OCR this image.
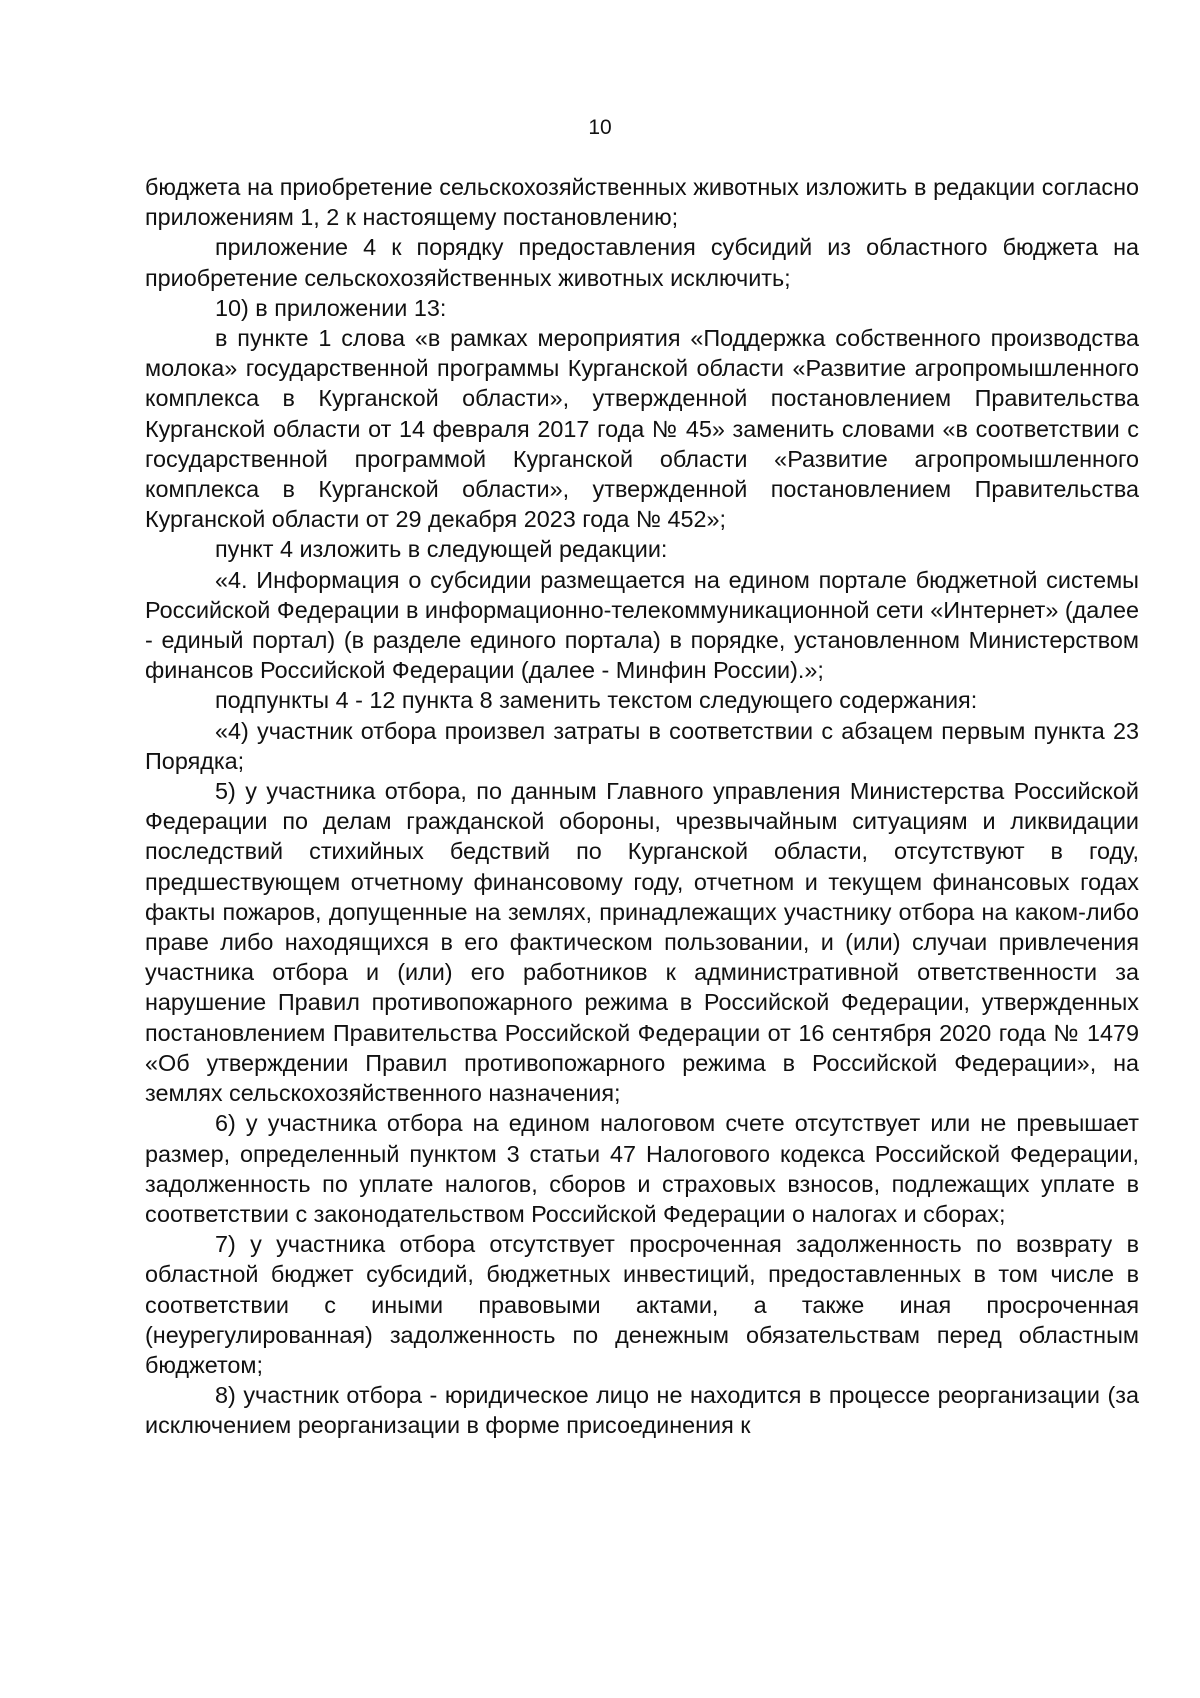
10

бюджета на приобретение сельскохозяйственных животных изложить в редакции согласно приложениям 1, 2 к настоящему постановлению;

приложение 4 к порядку предоставления субсидий из областного бюджета на приобретение сельскохозяйственных животных исключить;

10) в приложении 13:

в пункте 1 слова «в рамках мероприятия «Поддержка собственного производства молока» государственной программы Курганской области «Развитие агропромышленного комплекса в Курганской области», утвержденной постановлением Правительства Курганской области от 14 февраля 2017 года № 45» заменить словами «в соответствии с государственной программой Курганской области «Развитие агропромышленного комплекса в Курганской области», утвержденной постановлением Правительства Курганской области от 29 декабря 2023 года № 452»;

пункт 4 изложить в следующей редакции:

«4. Информация о субсидии размещается на едином портале бюджетной системы Российской Федерации в информационно-телекоммуникационной сети «Интернет» (далее - единый портал) (в разделе единого портала) в порядке, установленном Министерством финансов Российской Федерации (далее - Минфин России).»;

подпункты 4 - 12 пункта 8 заменить текстом следующего содержания:

«4) участник отбора произвел затраты в соответствии с абзацем первым пункта 23 Порядка;

5) у участника отбора, по данным Главного управления Министерства Российской Федерации по делам гражданской обороны, чрезвычайным ситуациям и ликвидации последствий стихийных бедствий по Курганской области, отсутствуют в году, предшествующем отчетному финансовому году, отчетном и текущем финансовых годах факты пожаров, допущенные на землях, принадлежащих участнику отбора на каком-либо праве либо находящихся в его фактическом пользовании, и (или) случаи привлечения участника отбора и (или) его работников к административной ответственности за нарушение Правил противопожарного режима в Российской Федерации, утвержденных постановлением Правительства Российской Федерации от 16 сентября 2020 года № 1479 «Об утверждении Правил противопожарного режима в Российской Федерации», на землях сельскохозяйственного назначения;

6) у участника отбора на едином налоговом счете отсутствует или не превышает размер, определенный пунктом 3 статьи 47 Налогового кодекса Российской Федерации, задолженность по уплате налогов, сборов и страховых взносов, подлежащих уплате в соответствии с законодательством Российской Федерации о налогах и сборах;

7) у участника отбора отсутствует просроченная задолженность по возврату в областной бюджет субсидий, бюджетных инвестиций, предоставленных в том числе в соответствии с иными правовыми актами, а также иная просроченная (неурегулированная) задолженность по денежным обязательствам перед областным бюджетом;

8) участник отбора - юридическое лицо не находится в процессе реорганизации (за исключением реорганизации в форме присоединения к
